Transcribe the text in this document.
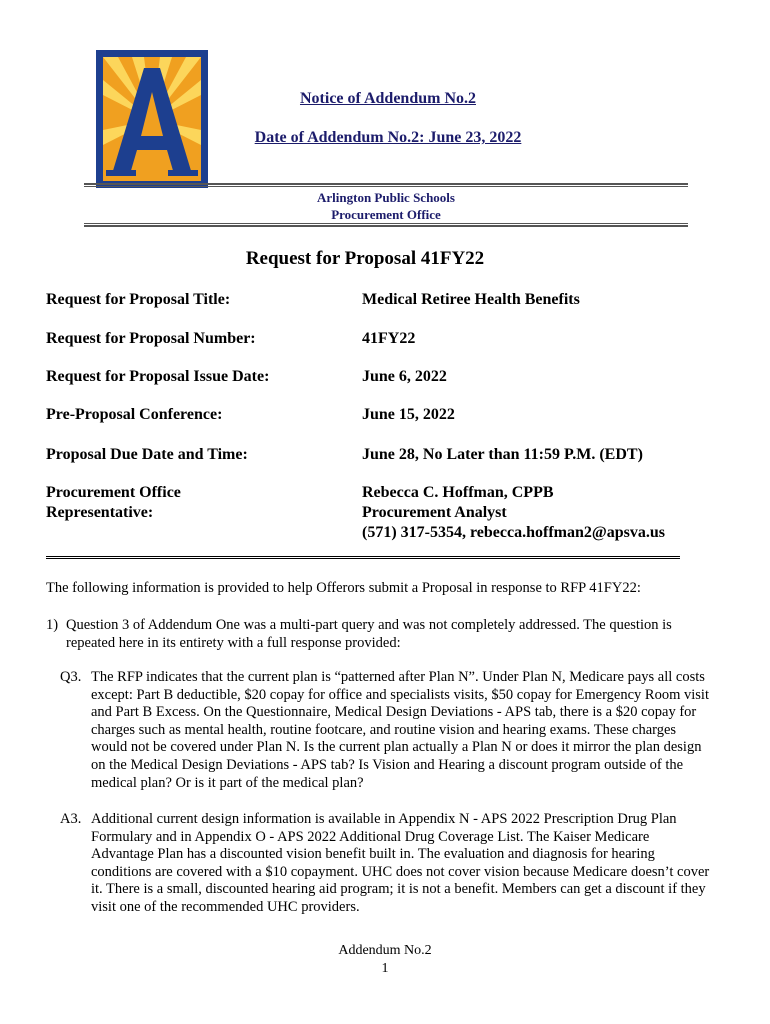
Notice of Addendum No.2
Date of Addendum No.2: June 23, 2022
Arlington Public Schools
Procurement Office
Request for Proposal 41FY22
Request for Proposal Title:	Medical Retiree Health Benefits
Request for Proposal Number:	41FY22
Request for Proposal Issue Date:	June 6, 2022
Pre-Proposal Conference:	June 15, 2022
Proposal Due Date and Time:	June 28, No Later than 11:59 P.M. (EDT)
Procurement Office
Representative:
Rebecca C. Hoffman, CPPB
Procurement Analyst
(571) 317-5354, rebecca.hoffman2@apsva.us
The following information is provided to help Offerors submit a Proposal in response to RFP 41FY22:
1) Question 3 of Addendum One was a multi-part query and was not completely addressed. The question is repeated here in its entirety with a full response provided:
Q3. The RFP indicates that the current plan is “patterned after Plan N”. Under Plan N, Medicare pays all costs except: Part B deductible, $20 copay for office and specialists visits, $50 copay for Emergency Room visit and Part B Excess. On the Questionnaire, Medical Design Deviations - APS tab, there is a $20 copay for charges such as mental health, routine footcare, and routine vision and hearing exams. These charges would not be covered under Plan N. Is the current plan actually a Plan N or does it mirror the plan design on the Medical Design Deviations - APS tab? Is Vision and Hearing a discount program outside of the medical plan? Or is it part of the medical plan?
A3. Additional current design information is available in Appendix N - APS 2022 Prescription Drug Plan Formulary and in Appendix O - APS 2022 Additional Drug Coverage List. The Kaiser Medicare Advantage Plan has a discounted vision benefit built in. The evaluation and diagnosis for hearing conditions are covered with a $10 copayment. UHC does not cover vision because Medicare doesn’t cover it. There is a small, discounted hearing aid program; it is not a benefit. Members can get a discount if they visit one of the recommended UHC providers.
Addendum No.2
1
